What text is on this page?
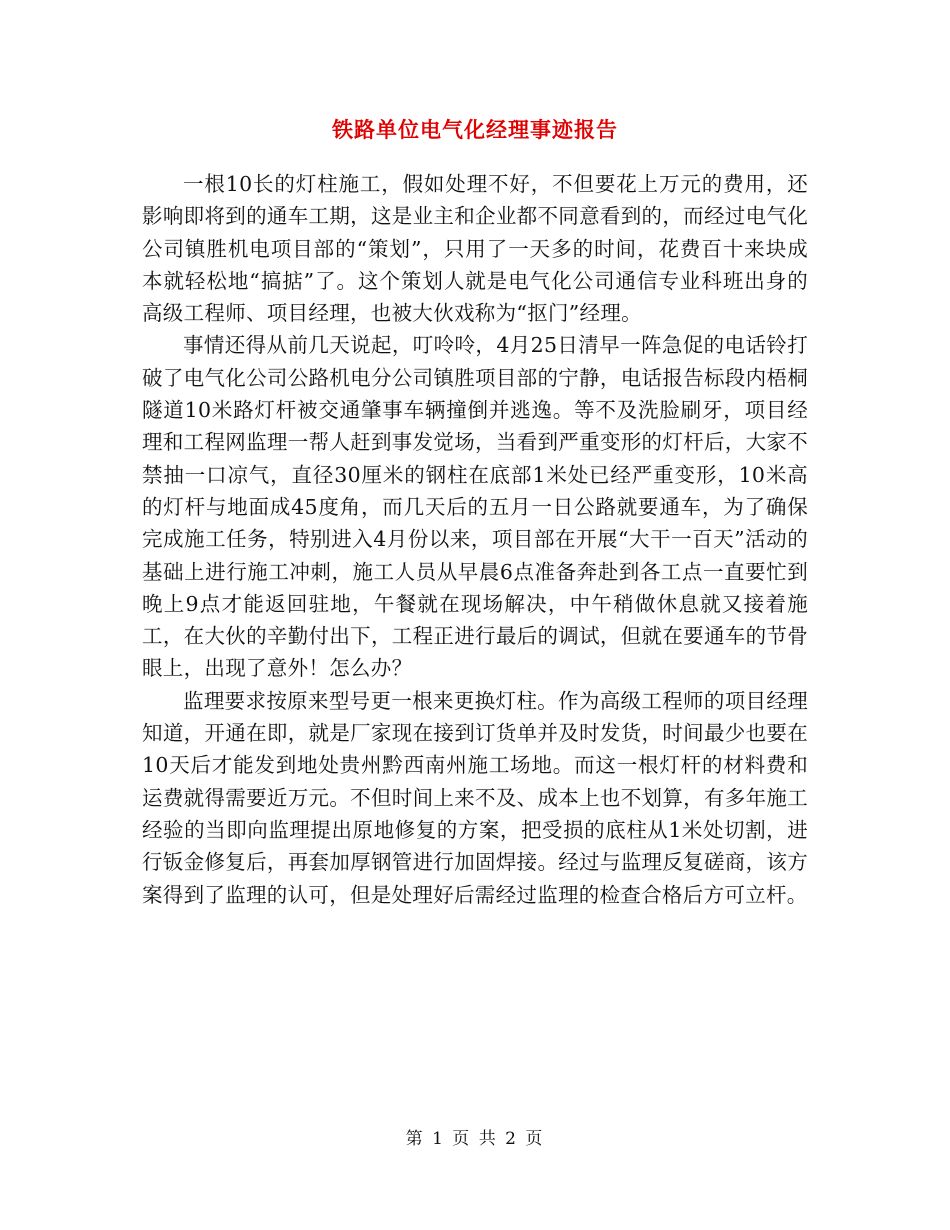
铁路单位电气化经理事迹报告

一根10长的灯柱施工，假如处理不好，不但要花上万元的费用，还影响即将到的通车工期，这是业主和企业都不同意看到的，而经过电气化公司镇胜机电项目部的“策划”，只用了一天多的时间，花费百十来块成本就轻松地“搞掂”了。这个策划人就是电气化公司通信专业科班出身的高级工程师、项目经理，也被大伙戏称为“抠门”经理。

事情还得从前几天说起，叮呤呤，4月25日清早一阵急促的电话铃打破了电气化公司公路机电分公司镇胜项目部的宁静，电话报告标段内梧桐隧道10米路灯杆被交通肇事车辆撞倒并逃逸。等不及洗脸刷牙，项目经理和工程网监理一帮人赶到事发觉场，当看到严重变形的灯杆后，大家不禁抽一口凉气，直径30厘米的钢柱在底部1米处已经严重变形，10米高的灯杆与地面成45度角，而几天后的五月一日公路就要通车，为了确保完成施工任务，特别进入4月份以来，项目部在开展“大干一百天”活动的基础上进行施工冲刺，施工人员从早晨6点准备奔赴到各工点一直要忙到晚上9点才能返回驻地，午餐就在现场解决，中午稍做休息就又接着施工，在大伙的辛勤付出下，工程正进行最后的调试，但就在要通车的节骨眼上，出现了意外！怎么办？

监理要求按原来型号更一根来更换灯柱。作为高级工程师的项目经理知道，开通在即，就是厂家现在接到订货单并及时发货，时间最少也要在10天后才能发到地处贵州黔西南州施工场地。而这一根灯杆的材料费和运费就得需要近万元。不但时间上来不及、成本上也不划算，有多年施工经验的当即向监理提出原地修复的方案，把受损的底柱从1米处切割，进行钣金修复后，再套加厚钢管进行加固焊接。经过与监理反复磋商，该方案得到了监理的认可，但是处理好后需经过监理的检查合格后方可立杆。

第 1 页 共 2 页
